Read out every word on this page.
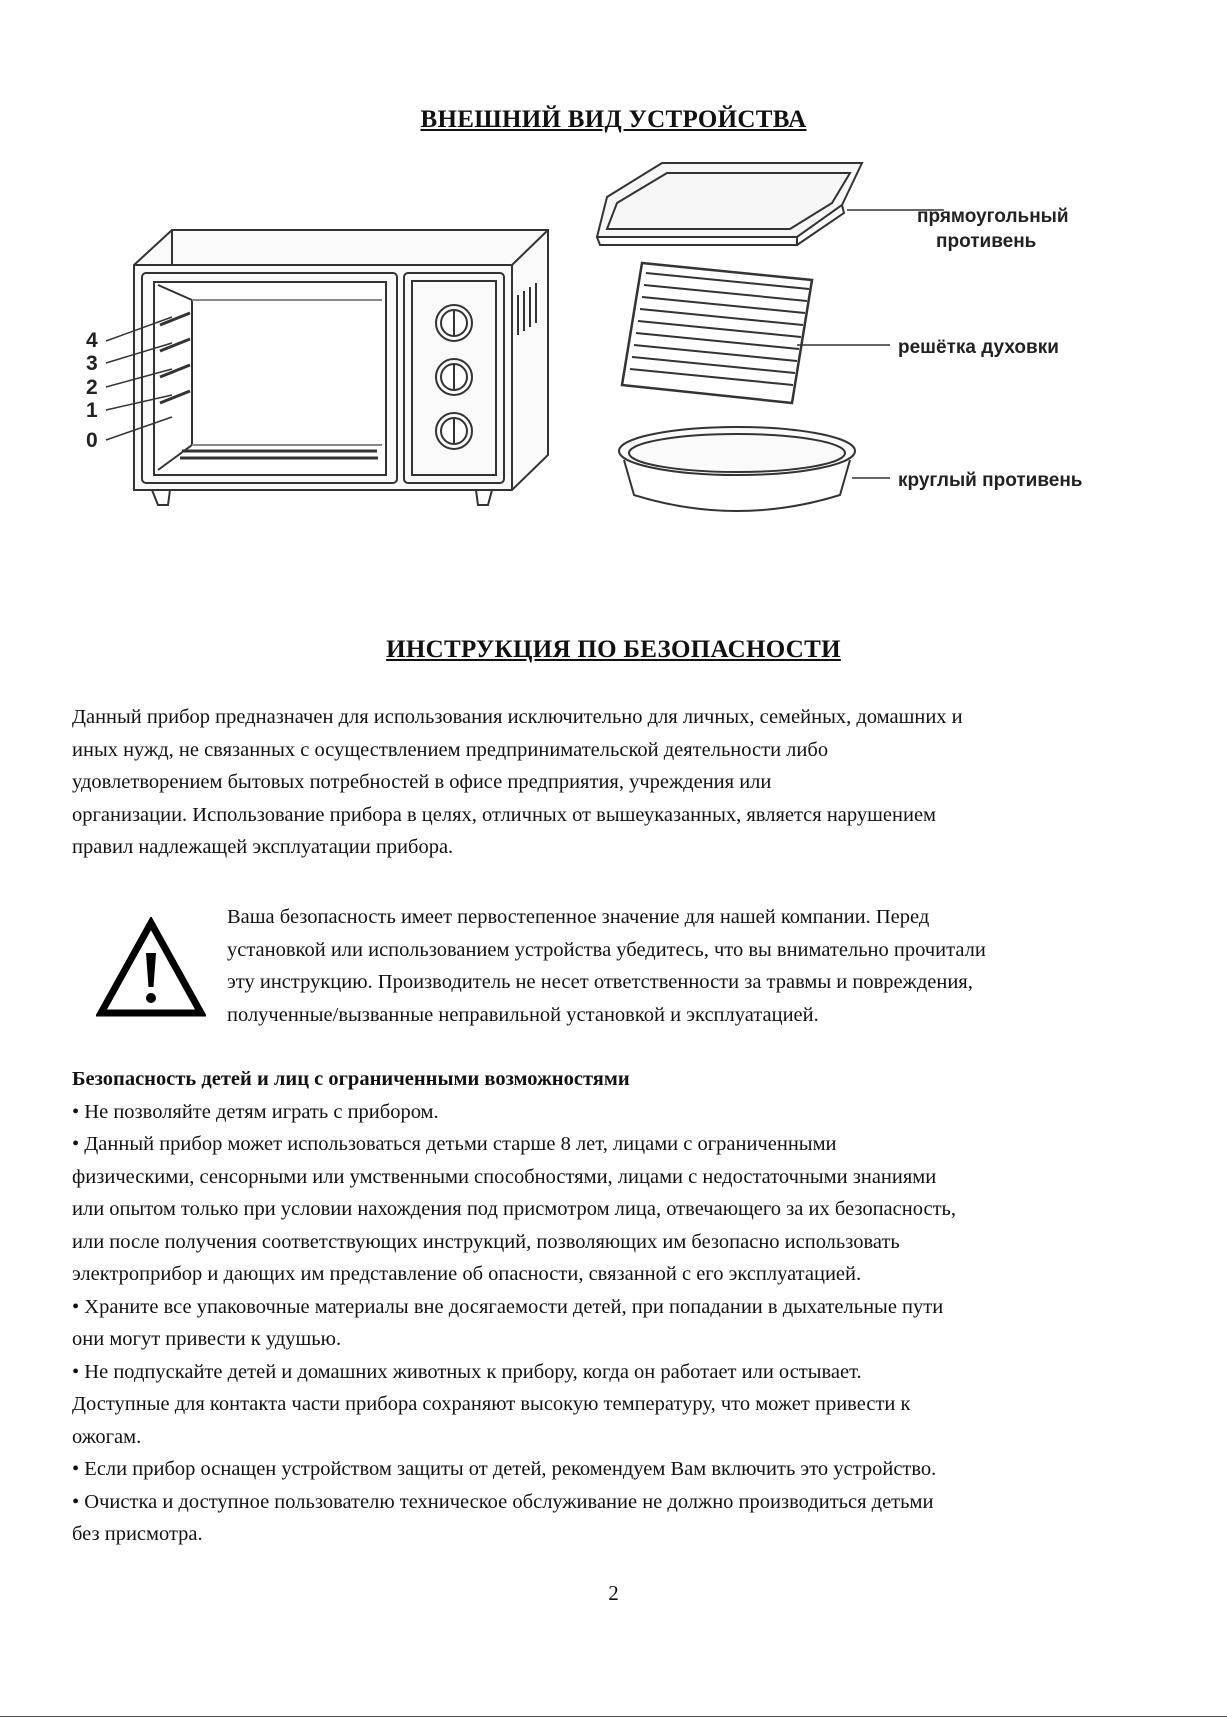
ВНЕШНИЙ ВИД УСТРОЙСТВА
4
3
2
1
0
прямоугольный
противень
решётка духовки
круглый противень
ИНСТРУКЦИЯ ПО БЕЗОПАСНОСТИ
Данный прибор предназначен для использования исключительно для личных, семейных, домашних и
иных нужд, не связанных с осуществлением предпринимательской деятельности либо
удовлетворением бытовых потребностей в офисе предприятия, учреждения или
организации. Использование прибора в целях, отличных от вышеуказанных, является нарушением
правил надлежащей эксплуатации прибора.
Ваша безопасность имеет первостепенное значение для нашей компании. Перед
установкой или использованием устройства убедитесь, что вы внимательно прочитали
эту инструкцию. Производитель не несет ответственности за травмы и повреждения,
полученные/вызванные неправильной установкой и эксплуатацией.
Безопасность детей и лиц с ограниченными возможностями
• Не позволяйте детям играть с прибором.
• Данный прибор может использоваться детьми старше 8 лет, лицами с ограниченными
физическими, сенсорными или умственными способностями, лицами с недостаточными знаниями
или опытом только при условии нахождения под присмотром лица, отвечающего за их безопасность,
или после получения соответствующих инструкций, позволяющих им безопасно использовать
электроприбор и дающих им представление об опасности, связанной с его эксплуатацией.
• Храните все упаковочные материалы вне досягаемости детей, при попадании в дыхательные пути
они могут привести к удушью.
• Не подпускайте детей и домашних животных к прибору, когда он работает или остывает.
Доступные для контакта части прибора сохраняют высокую температуру, что может привести к
ожогам.
• Если прибор оснащен устройством защиты от детей, рекомендуем Вам включить это устройство.
• Очистка и доступное пользователю техническое обслуживание не должно производиться детьми
без присмотра.
2
